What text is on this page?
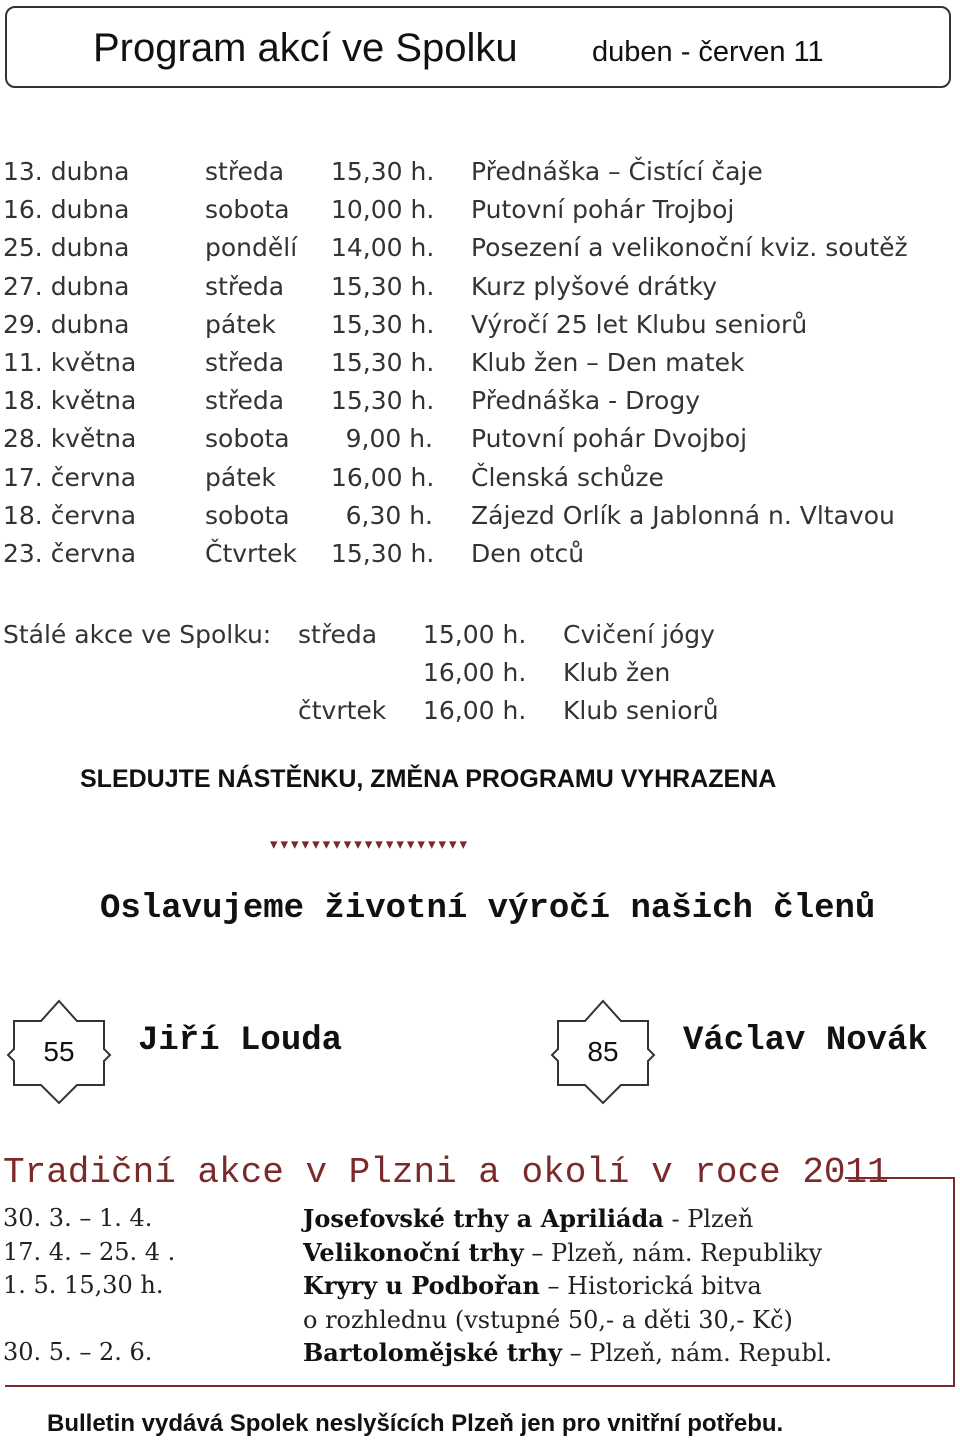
Program akcí ve Spolku	duben - červen 11
13. dubna	středa 15,30 h. Přednáška – Čistící čaje
16. dubna	sobota 10,00 h. Putovní pohár Trojboj
25. dubna	pondělí 14,00 h. Posezení a velikonoční kviz. soutěž
27. dubna	středa 15,30 h. Kurz plyšové drátky
29. dubna	pátek 15,30 h. Výročí 25 let Klubu seniorů
11. května	středa 15,30 h. Klub žen – Den matek
18. května	středa 15,30 h. Přednáška - Drogy
28. května	sobota	9,00 h. Putovní pohár Dvojboj
17. června	pátek 16,00 h. Členská schůze
18. června	sobota	6,30 h. Zájezd Orlík a Jablonná n. Vltavou
23. června	Čtvrtek 15,30 h. Den otců
Stálé akce ve Spolku: středa 15,00 h. Cvičení jógy
16,00 h. Klub žen
čtvrtek 16,00 h. Klub seniorů
SLEDUJTE NÁSTĚNKU, ZMĚNA PROGRAMU VYHRAZENA
▾▾▾▾▾▾▾▾▾▾▾▾▾▾▾▾▾▾▾
Oslavujeme životní výročí našich členů
55	Jiří Louda	85	Václav Novák
Tradiční akce v Plzni a okolí v roce 2011
30. 3. – 1. 4.	Josefovské trhy a Apriliáda - Plzeň
17. 4. – 25. 4 .	Velikonoční trhy – Plzeň, nám. Republiky
1. 5. 15,30 h.	Kryry u Podbořan – Historická bitva
o rozhlednu (vstupné 50,- a děti 30,- Kč)
30. 5. – 2. 6.	Bartolomějské trhy – Plzeň, nám. Republ.
Bulletin vydává Spolek neslyšících Plzeň jen pro vnitřní potřebu.
